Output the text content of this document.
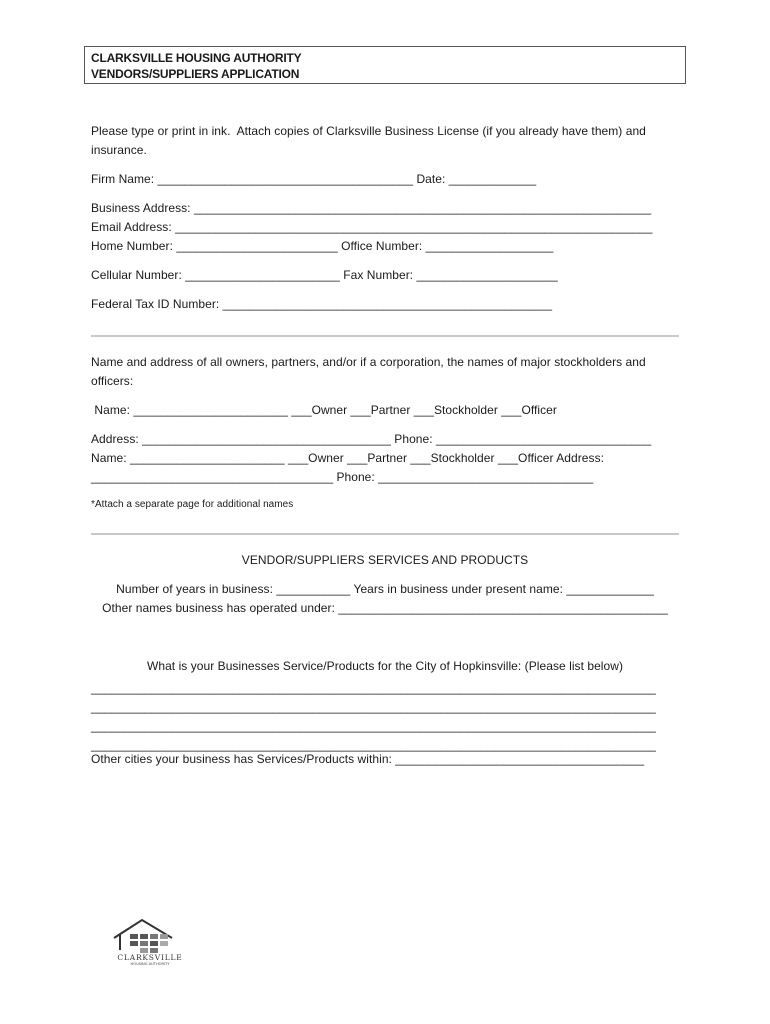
CLARKSVILLE HOUSING AUTHORITY
VENDORS/SUPPLIERS APPLICATION
Please type or print in ink.  Attach copies of Clarksville Business License (if you already have them) and
insurance.
Firm Name: ______________________________________ Date: _____________
Business Address: ____________________________________________________________________
Email Address: _______________________________________________________________________
Home Number: ________________________ Office Number: ___________________
Cellular Number: _______________________ Fax Number: _____________________
Federal Tax ID Number: _________________________________________________
Name and address of all owners, partners, and/or if a corporation, the names of major stockholders and
officers:
Name: _______________________ ___Owner ___Partner ___Stockholder ___Officer
Address: _____________________________________ Phone: ________________________________
Name: _______________________ ___Owner ___Partner ___Stockholder ___Officer Address:
____________________________________ Phone: ________________________________
*Attach a separate page for additional names
VENDOR/SUPPLIERS SERVICES AND PRODUCTS
Number of years in business: ___________ Years in business under present name: _____________
Other names business has operated under: _________________________________________________
What is your Businesses Service/Products for the City of Hopkinsville: (Please list below)
____________________________________________________________________________________
____________________________________________________________________________________
____________________________________________________________________________________
____________________________________________________________________________________
Other cities your business has Services/Products within: _____________________________________
CLARKSVILLE
HOUSING AUTHORITY
